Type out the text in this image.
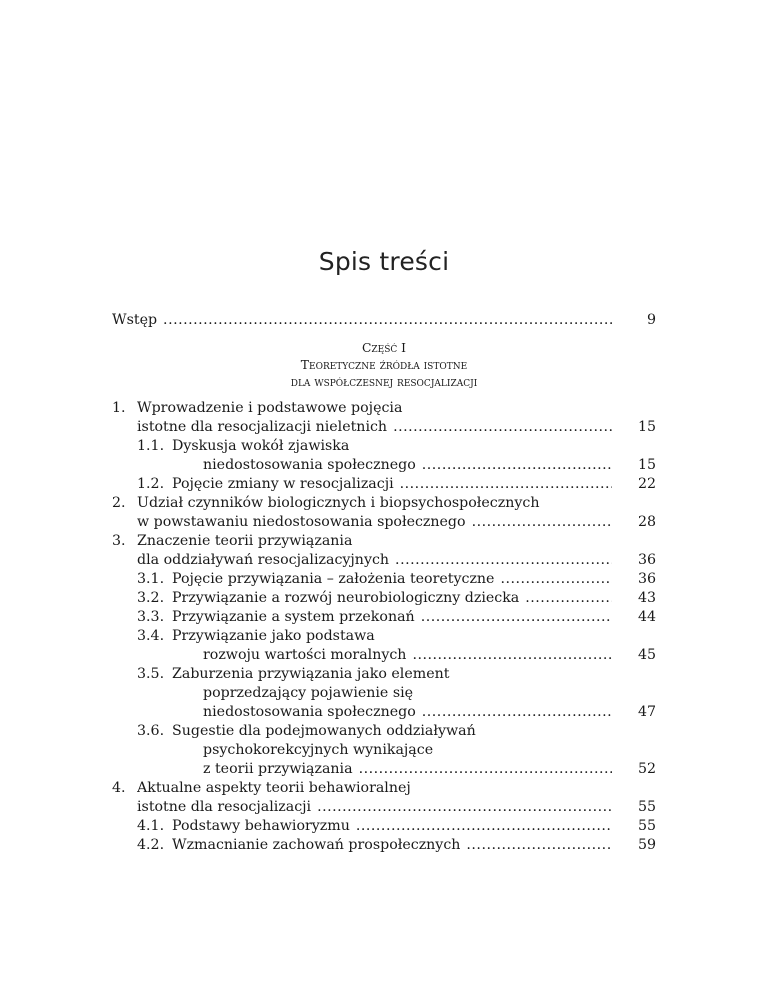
Spis treści
Wstęp .....	9
Część I
Teoretyczne źródła istotne
dla współczesnej resocjalizacji
1. Wprowadzenie i podstawowe pojęcia
istotne dla resocjalizacji nieletnich .....	15
1.1. Dyskusja wokół zjawiska
niedostosowania społecznego .....	15
1.2. Pojęcie zmiany w resocjalizacji .....	22
2. Udział czynników biologicznych i biopsychospołecznych
w powstawaniu niedostosowania społecznego .....	28
3. Znaczenie teorii przywiązania
dla oddziaływań resocjalizacyjnych .....	36
3.1. Pojęcie przywiązania – założenia teoretyczne .....	36
3.2. Przywiązanie a rozwój neurobiologiczny dziecka .....	43
3.3. Przywiązanie a system przekonań .....	44
3.4. Przywiązanie jako podstawa
rozwoju wartości moralnych .....	45
3.5. Zaburzenia przywiązania jako element
poprzedzający pojawienie się
niedostosowania społecznego .....	47
3.6. Sugestie dla podejmowanych oddziaływań
psychokorekcyjnych wynikające
z teorii przywiązania .....	52
4. Aktualne aspekty teorii behawioralnej
istotne dla resocjalizacji .....	55
4.1. Podstawy behawioryzmu .....	55
4.2. Wzmacnianie zachowań prospołecznych .....	59
